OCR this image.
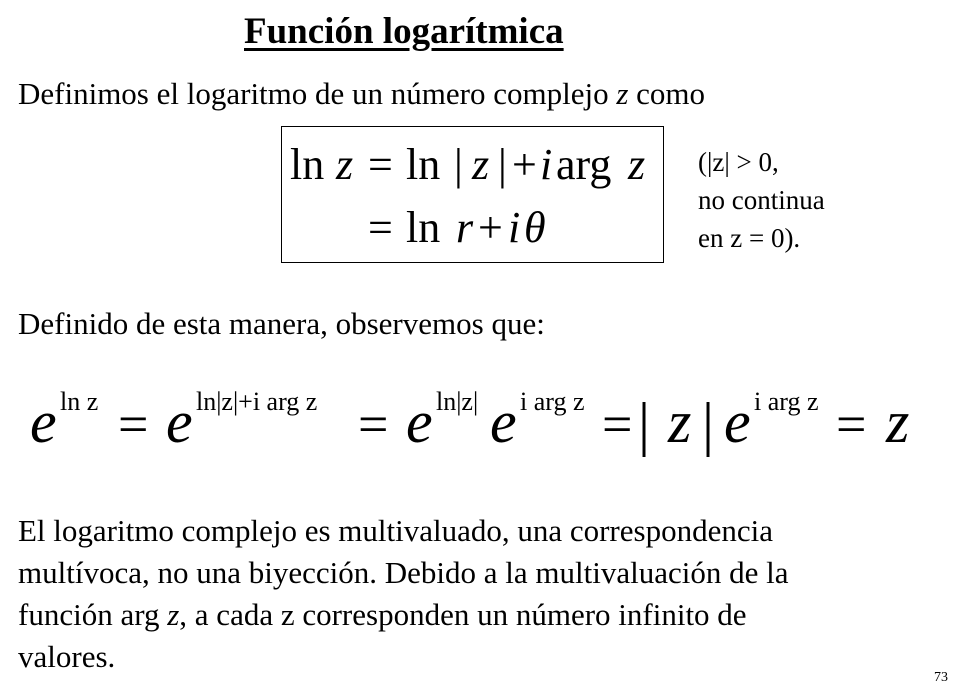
Función logarítmica
Definimos el logaritmo de un número complejo z como
ln z = ln | z | + i arg z
= ln r + i θ
(|z| > 0,
no continua
en z = 0).
Definido de esta manera, observemos que:
e ln z = e ln|z|+i arg z = e ln|z| e i arg z = | z | e i arg z = z
El logaritmo complejo es multivaluado, una correspondencia
multívoca, no una biyección. Debido a la multivaluación de la
función arg z, a cada z corresponden un número infinito de
valores.
73
